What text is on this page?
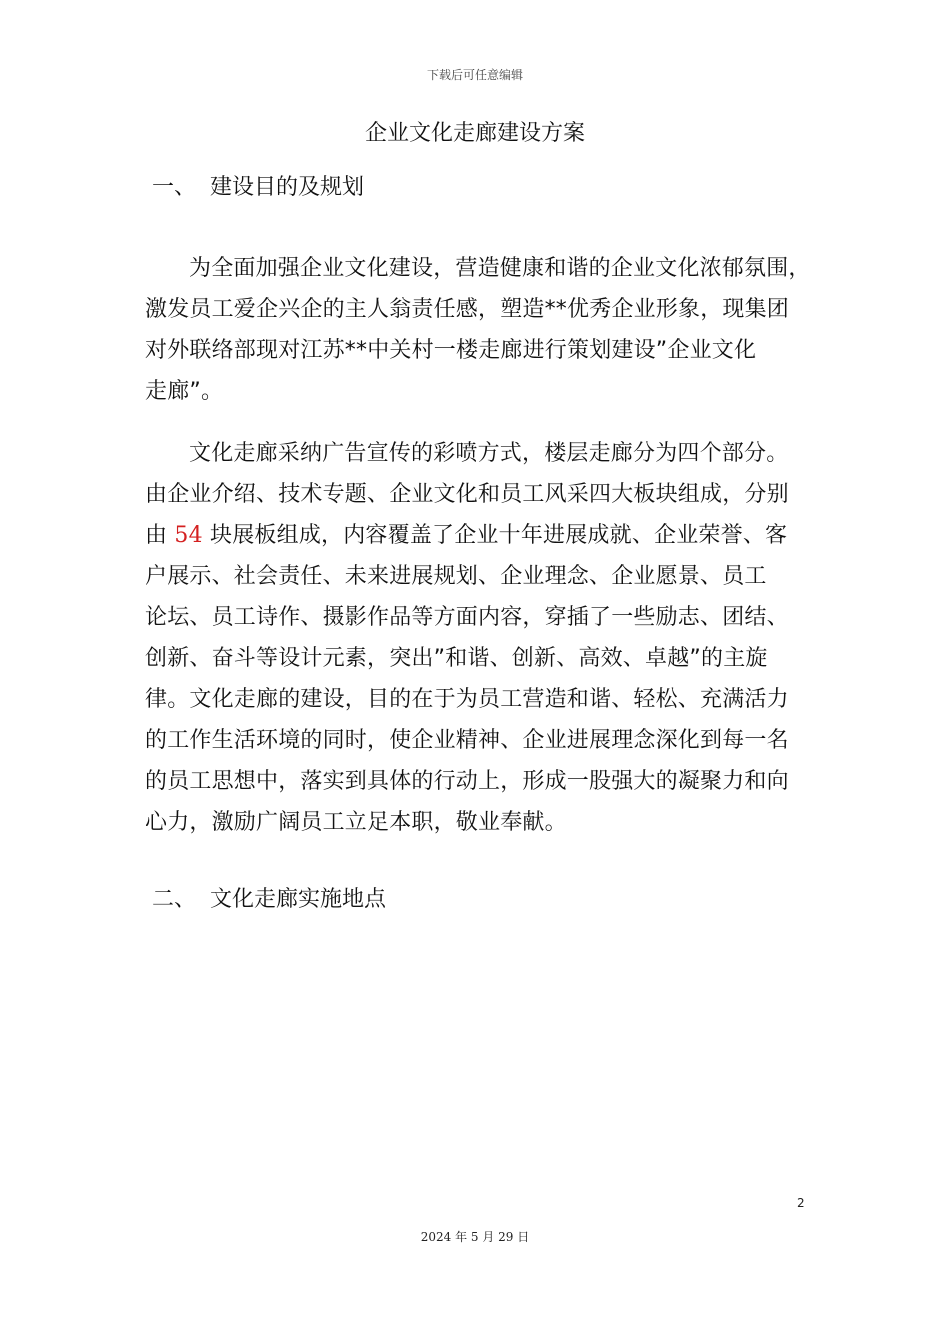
下载后可任意编辑
企业文化走廊建设方案
一、 建设目的及规划

为全面加强企业文化建设，营造健康和谐的企业文化浓郁氛围，
激发员工爱企兴企的主人翁责任感，塑造**优秀企业形象，现集团
对外联络部现对江苏**中关村一楼走廊进行策划建设”企业文化
走廊”。

文化走廊采纳广告宣传的彩喷方式，楼层走廊分为四个部分。
由企业介绍、技术专题、企业文化和员工风采四大板块组成，分别
由 54 块展板组成，内容覆盖了企业十年进展成就、企业荣誉、客
户展示、社会责任、未来进展规划、企业理念、企业愿景、员工
论坛、员工诗作、摄影作品等方面内容，穿插了一些励志、团结、
创新、奋斗等设计元素，突出”和谐、创新、高效、卓越”的主旋
律。文化走廊的建设，目的在于为员工营造和谐、轻松、充满活力
的工作生活环境的同时，使企业精神、企业进展理念深化到每一名
的员工思想中，落实到具体的行动上，形成一股强大的凝聚力和向
心力，激励广阔员工立足本职，敬业奉献。

二、 文化走廊实施地点
2
2024 年 5 月 29 日
